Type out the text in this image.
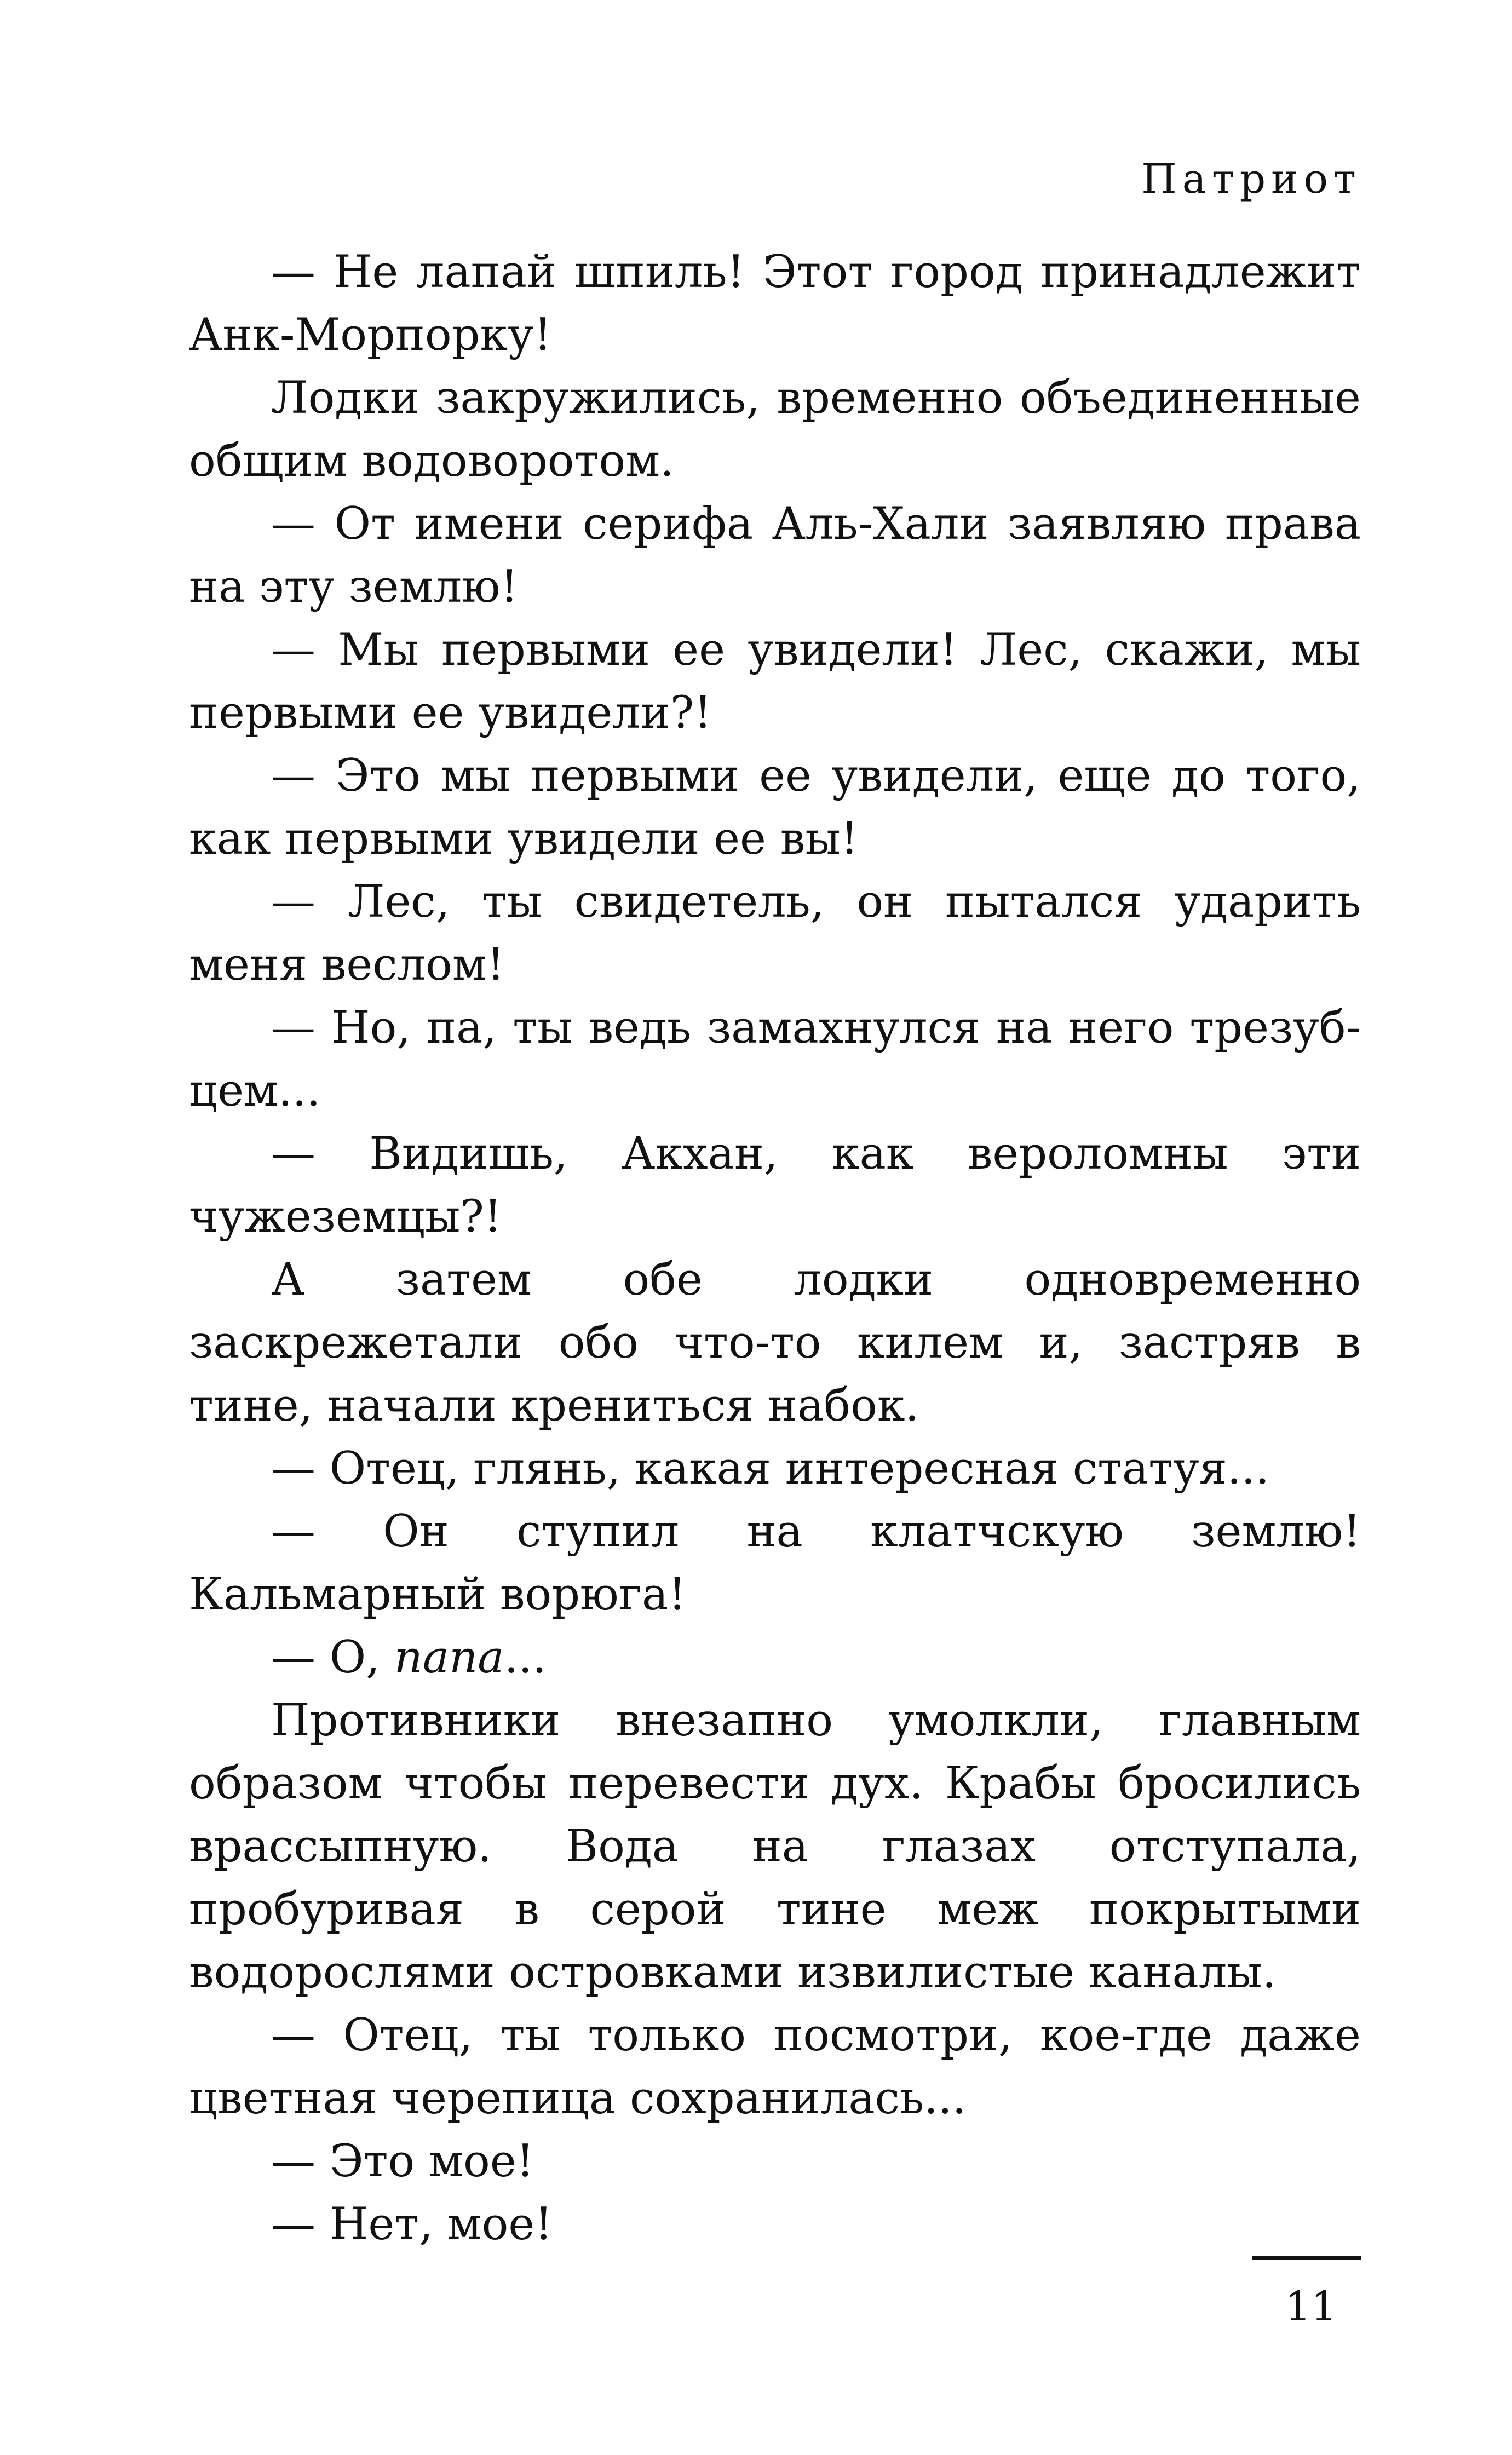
Патриот

— Не лапай шпиль! Этот город принадлежит Анк-Морпорку!

Лодки закружились, временно объединенные общим водоворотом.

— От имени серифа Аль-Хали заявляю права на эту землю!

— Мы первыми ее увидели! Лес, скажи, мы первыми ее увидели?!

— Это мы первыми ее увидели, еще до того, как первыми увидели ее вы!

— Лес, ты свидетель, он пытался ударить меня веслом!

— Но, па, ты ведь замахнулся на него трезубцем...

— Видишь, Акхан, как вероломны эти чужеземцы?!

А затем обе лодки одновременно заскрежетали обо что-то килем и, застряв в тине, начали крениться набок.

— Отец, глянь, какая интересная статуя...

— Он ступил на клатчскую землю! Кальмарный ворюга!

— О, папа...

Противники внезапно умолкли, главным образом чтобы перевести дух. Крабы бросились врассыпную. Вода на глазах отступала, пробуривая в серой тине меж покрытыми водорослями островками извилистые каналы.

— Отец, ты только посмотри, кое-где даже цветная черепица сохранилась...

— Это мое!

— Нет, мое!

11
